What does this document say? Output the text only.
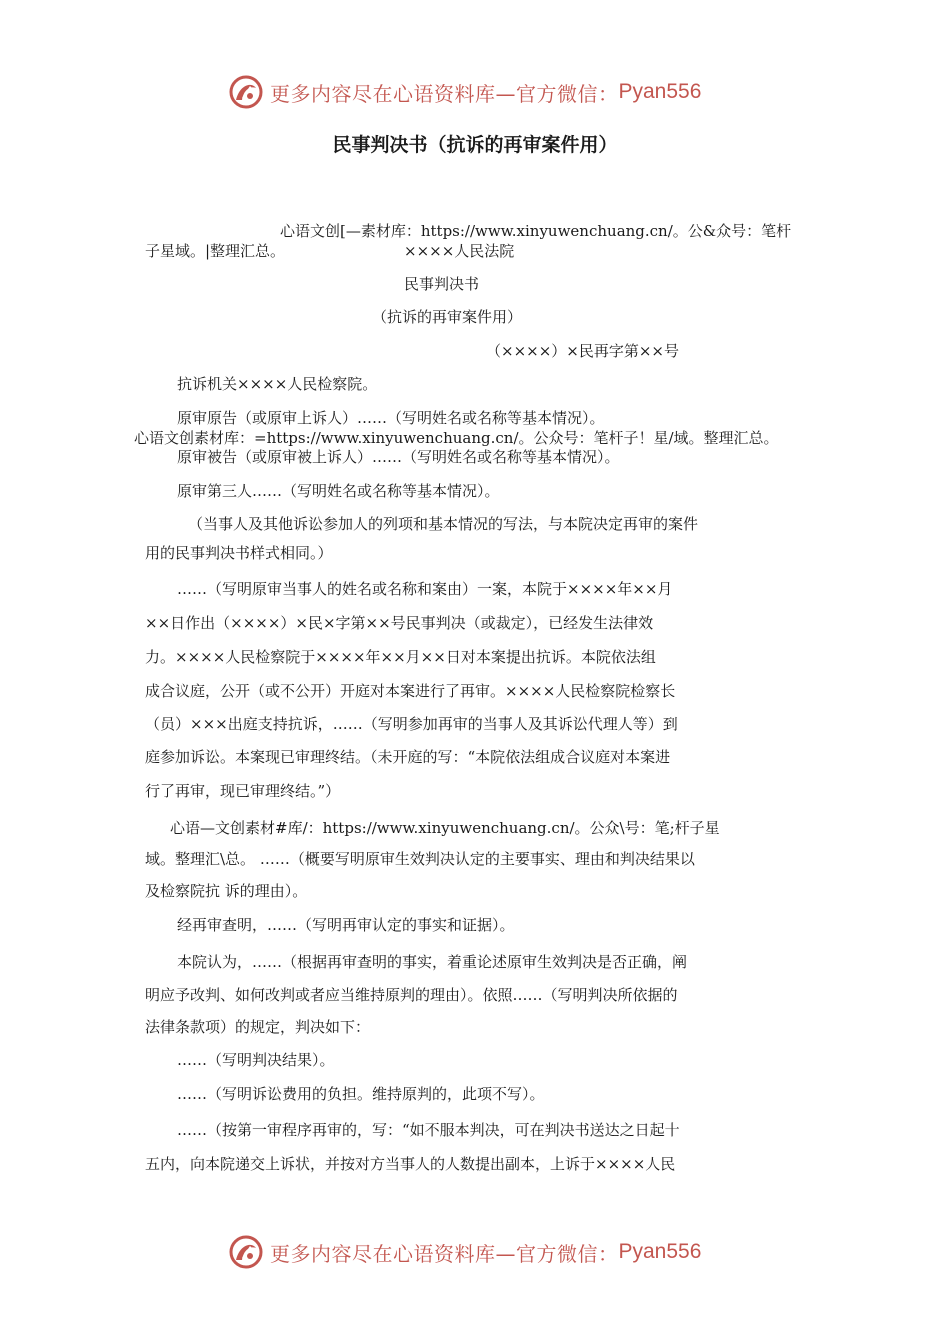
更多内容尽在心语资料库—官方微信： Pyan556
民事判决书（抗诉的再审案件用）
心语文创[—素材库：https://www.xinyuwenchuang.cn/。公&众号：笔杆
子星域。|整理汇总。	××××人民法院
民事判决书
（抗诉的再审案件用）
（××××）×民再字第××号
抗诉机关××××人民检察院。
原审原告（或原审上诉人）……（写明姓名或名称等基本情况）。
心语文创素材库：=https://www.xinyuwenchuang.cn/。公众号：笔杆子！星/域。整理汇总。
原审被告（或原审被上诉人）……（写明姓名或名称等基本情况）。
原审第三人……（写明姓名或名称等基本情况）。
（当事人及其他诉讼参加人的列项和基本情况的写法，与本院决定再审的案件
用的民事判决书样式相同。）
……（写明原审当事人的姓名或名称和案由）一案，本院于××××年××月
××日作出（××××）×民×字第××号民事判决（或裁定），已经发生法律效
力。××××人民检察院于××××年××月××日对本案提出抗诉。本院依法组
成合议庭，公开（或不公开）开庭对本案进行了再审。××××人民检察院检察长
（员）×××出庭支持抗诉，……（写明参加再审的当事人及其诉讼代理人等）到
庭参加诉讼。本案现已审理终结。（未开庭的写：“本院依法组成合议庭对本案进
行了再审，现已审理终结。”）
心语—文创素材#库/：https://www.xinyuwenchuang.cn/。公众\号：笔;杆子星
域。整理汇\总。 ……（概要写明原审生效判决认定的主要事实、理由和判决结果以
及检察院抗 诉的理由）。
经再审查明，……（写明再审认定的事实和证据）。
本院认为，……（根据再审查明的事实，着重论述原审生效判决是否正确，阐
明应予改判、如何改判或者应当维持原判的理由）。依照……（写明判决所依据的
法律条款项）的规定，判决如下：
……（写明判决结果）。
……（写明诉讼费用的负担。维持原判的，此项不写）。
……（按第一审程序再审的，写：“如不服本判决，可在判决书送达之日起十
五内，向本院递交上诉状，并按对方当事人的人数提出副本，上诉于××××人民
更多内容尽在心语资料库—官方微信： Pyan556
